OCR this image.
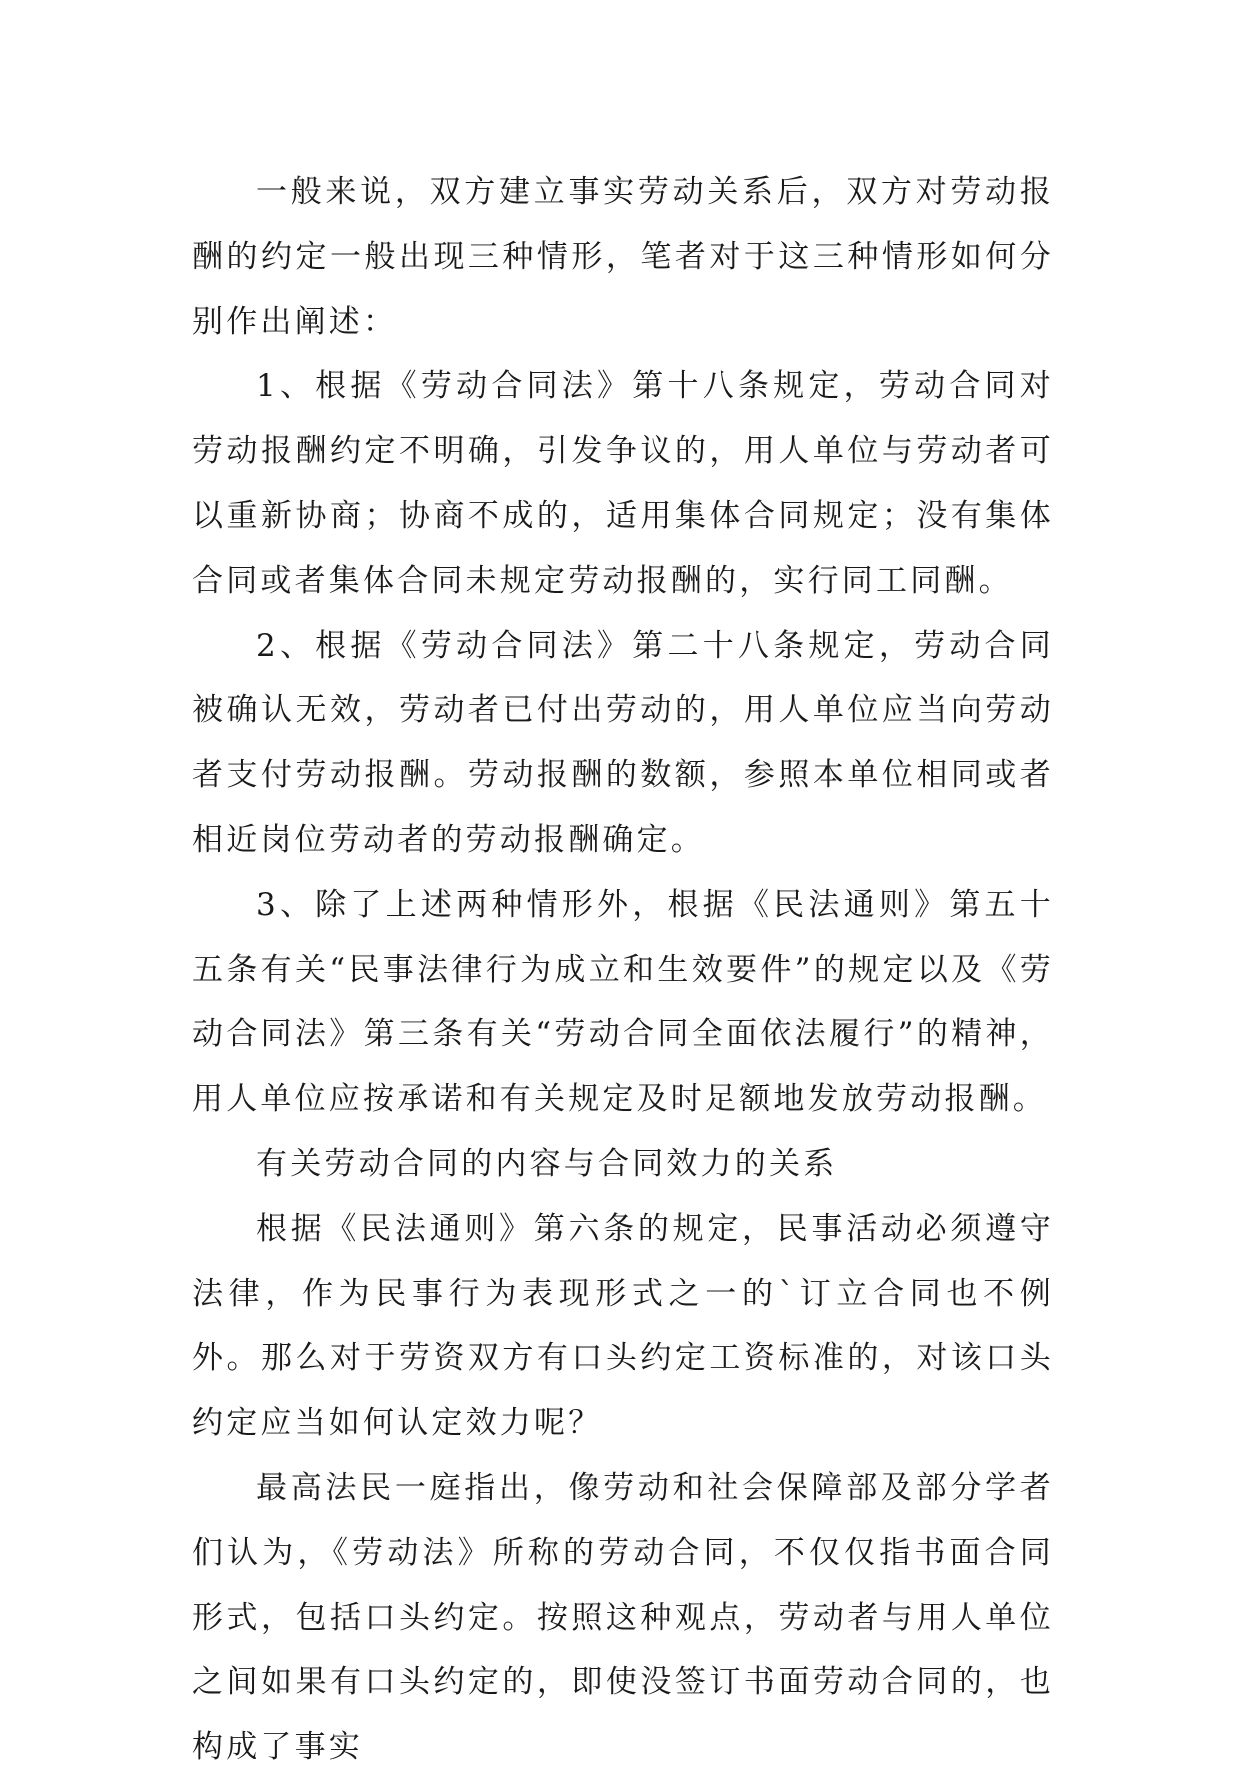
一般来说，双方建立事实劳动关系后，双方对劳动报酬的约定一般出现三种情形，笔者对于这三种情形如何分别作出阐述：

1、根据《劳动合同法》第十八条规定，劳动合同对劳动报酬约定不明确，引发争议的，用人单位与劳动者可以重新协商；协商不成的，适用集体合同规定；没有集体合同或者集体合同未规定劳动报酬的，实行同工同酬。

2、根据《劳动合同法》第二十八条规定，劳动合同被确认无效，劳动者已付出劳动的，用人单位应当向劳动者支付劳动报酬。劳动报酬的数额，参照本单位相同或者相近岗位劳动者的劳动报酬确定。

3、除了上述两种情形外，根据《民法通则》第五十五条有关“民事法律行为成立和生效要件”的规定以及《劳动合同法》第三条有关“劳动合同全面依法履行”的精神，用人单位应按承诺和有关规定及时足额地发放劳动报酬。

有关劳动合同的内容与合同效力的关系

根据《民法通则》第六条的规定，民事活动必须遵守法律，作为民事行为表现形式之一的`订立合同也不例外。那么对于劳资双方有口头约定工资标准的，对该口头约定应当如何认定效力呢？

最高法民一庭指出，像劳动和社会保障部及部分学者们认为，《劳动法》所称的劳动合同，不仅仅指书面合同形式，包括口头约定。按照这种观点，劳动者与用人单位之间如果有口头约定的，即使没签订书面劳动合同的，也构成了事实
